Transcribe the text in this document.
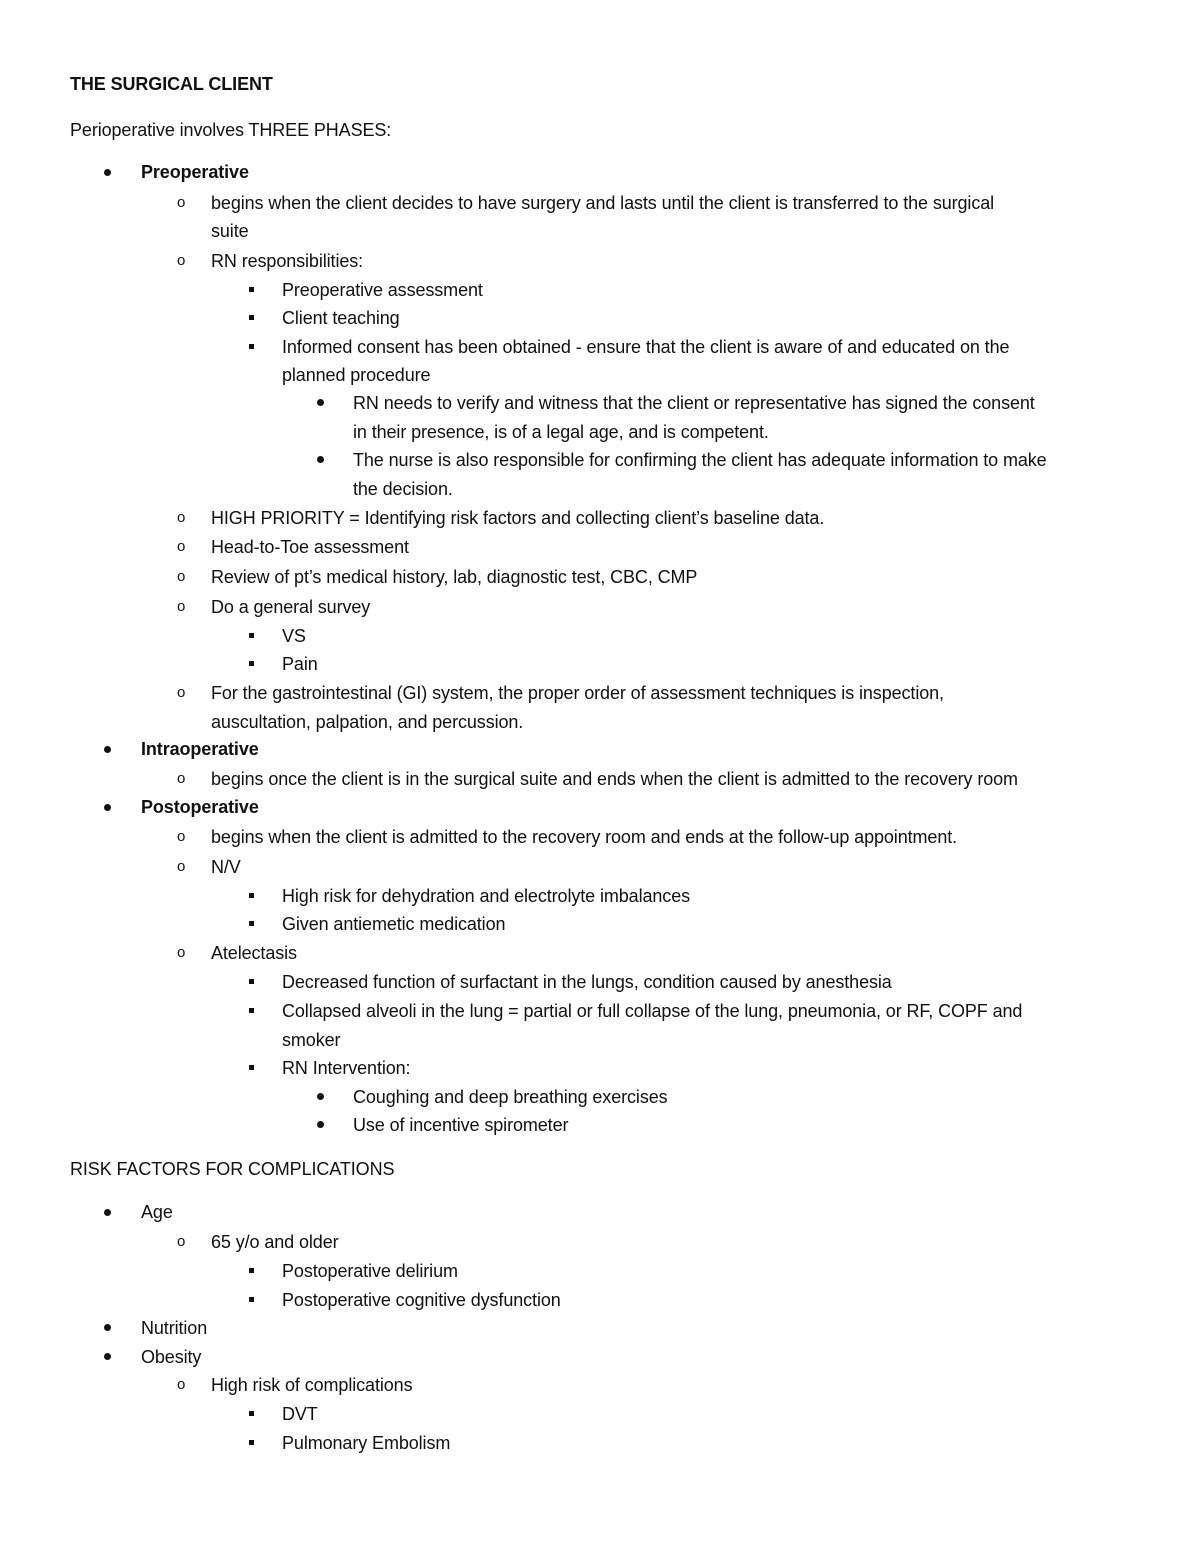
THE SURGICAL CLIENT
Perioperative involves THREE PHASES:
Preoperative
o begins when the client decides to have surgery and lasts until the client is transferred to the surgical
suite
o RN responsibilities:
Preoperative assessment
Client teaching
Informed consent has been obtained - ensure that the client is aware of and educated on the
planned procedure
RN needs to verify and witness that the client or representative has signed the consent
in their presence, is of a legal age, and is competent.
The nurse is also responsible for confirming the client has adequate information to make
the decision.
o HIGH PRIORITY = Identifying risk factors and collecting client’s baseline data.
o Head-to-Toe assessment
o Review of pt’s medical history, lab, diagnostic test, CBC, CMP
o Do a general survey
VS
Pain
o For the gastrointestinal (GI) system, the proper order of assessment techniques is inspection,
auscultation, palpation, and percussion.
Intraoperative
o begins once the client is in the surgical suite and ends when the client is admitted to the recovery room
Postoperative
o begins when the client is admitted to the recovery room and ends at the follow-up appointment.
o N/V
High risk for dehydration and electrolyte imbalances
Given antiemetic medication
o Atelectasis
Decreased function of surfactant in the lungs, condition caused by anesthesia
Collapsed alveoli in the lung = partial or full collapse of the lung, pneumonia, or RF, COPF and
smoker
RN Intervention:
Coughing and deep breathing exercises
Use of incentive spirometer
RISK FACTORS FOR COMPLICATIONS
Age
o 65 y/o and older
Postoperative delirium
Postoperative cognitive dysfunction
Nutrition
Obesity
o High risk of complications
DVT
Pulmonary Embolism
